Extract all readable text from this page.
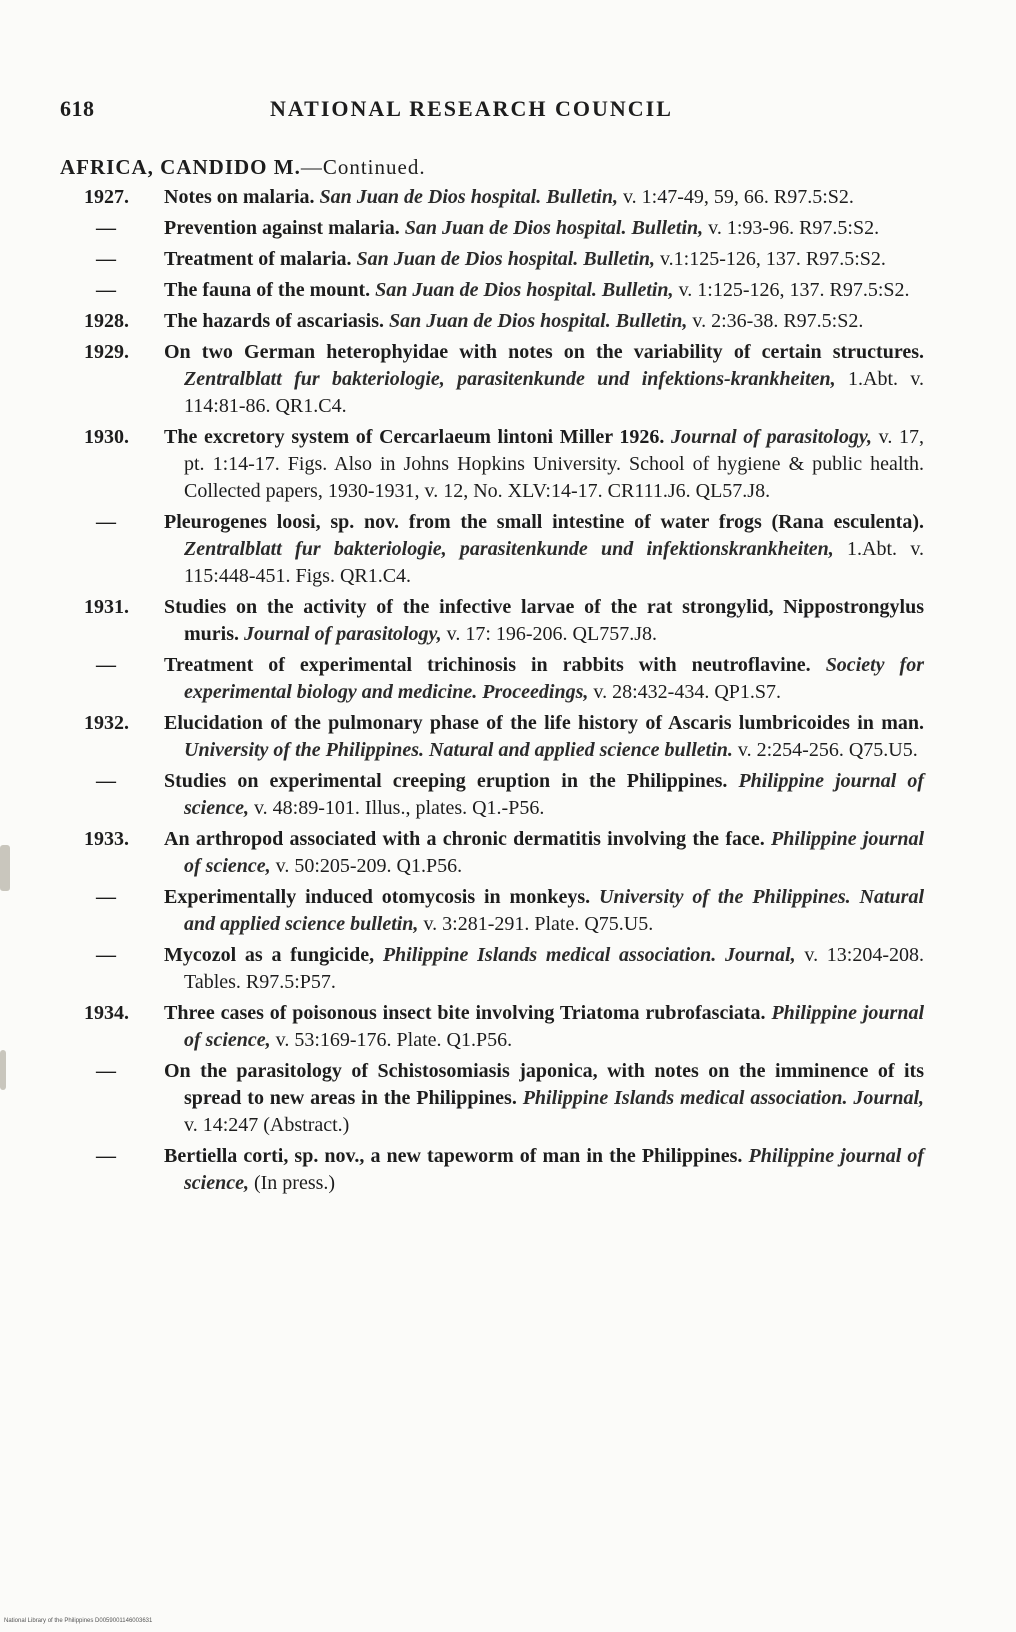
618	NATIONAL RESEARCH COUNCIL
AFRICA, CANDIDO M.—Continued.
1927.	Notes on malaria. San Juan de Dios hospital. Bulletin, v. 1:47-49, 59, 66. R97.5:S2.
—	Prevention against malaria. San Juan de Dios hospital. Bulletin, v. 1:93-96. R97.5:S2.
—	Treatment of malaria. San Juan de Dios hospital. Bulletin, v.1:125-126, 137. R97.5:S2.
—	The fauna of the mount. San Juan de Dios hospital. Bulletin, v. 1:125-126, 137. R97.5:S2.
1928.	The hazards of ascariasis. San Juan de Dios hospital. Bulletin, v. 2:36-38. R97.5:S2.
1929.	On two German heterophyidae with notes on the variability of certain structures. Zentralblatt fur bakteriologie, parasitenkunde und infektions-krankheiten, 1.Abt. v. 114:81-86. QR1.C4.
1930.	The excretory system of Cercarlaeum lintoni Miller 1926. Journal of parasitology, v. 17, pt. 1:14-17. Figs. Also in Johns Hopkins University. School of hygiene & public health. Collected papers, 1930-1931, v. 12, No. XLV:14-17. CR111.J6. QL57.J8.
—	Pleurogenes loosi, sp. nov. from the small intestine of water frogs (Rana esculenta). Zentralblatt fur bakteriologie, parasitenkunde und infektionskrankheiten, 1.Abt. v. 115:448-451. Figs. QR1.C4.
1931.	Studies on the activity of the infective larvae of the rat strongylid, Nippostrongylus muris. Journal of parasitology, v. 17: 196-206. QL757.J8.
—	Treatment of experimental trichinosis in rabbits with neutroflavine. Society for experimental biology and medicine. Proceedings, v. 28:432-434. QP1.S7.
1932.	Elucidation of the pulmonary phase of the life history of Ascaris lumbricoides in man. University of the Philippines. Natural and applied science bulletin. v. 2:254-256. Q75.U5.
—	Studies on experimental creeping eruption in the Philippines. Philippine journal of science, v. 48:89-101. Illus., plates. Q1.-P56.
1933.	An arthropod associated with a chronic dermatitis involving the face. Philippine journal of science, v. 50:205-209. Q1.P56.
—	Experimentally induced otomycosis in monkeys. University of the Philippines. Natural and applied science bulletin, v. 3:281-291. Plate. Q75.U5.
—	Mycozol as a fungicide, Philippine Islands medical association. Journal, v. 13:204-208. Tables. R97.5:P57.
1934.	Three cases of poisonous insect bite involving Triatoma rubrofasciata. Philippine journal of science, v. 53:169-176. Plate. Q1.P56.
—	On the parasitology of Schistosomiasis japonica, with notes on the imminence of its spread to new areas in the Philippines. Philippine Islands medical association. Journal, v. 14:247 (Abstract.)
—	Bertiella corti, sp. nov., a new tapeworm of man in the Philippines. Philippine journal of science, (In press.)
National Library of the Philippines D0059001146003631
